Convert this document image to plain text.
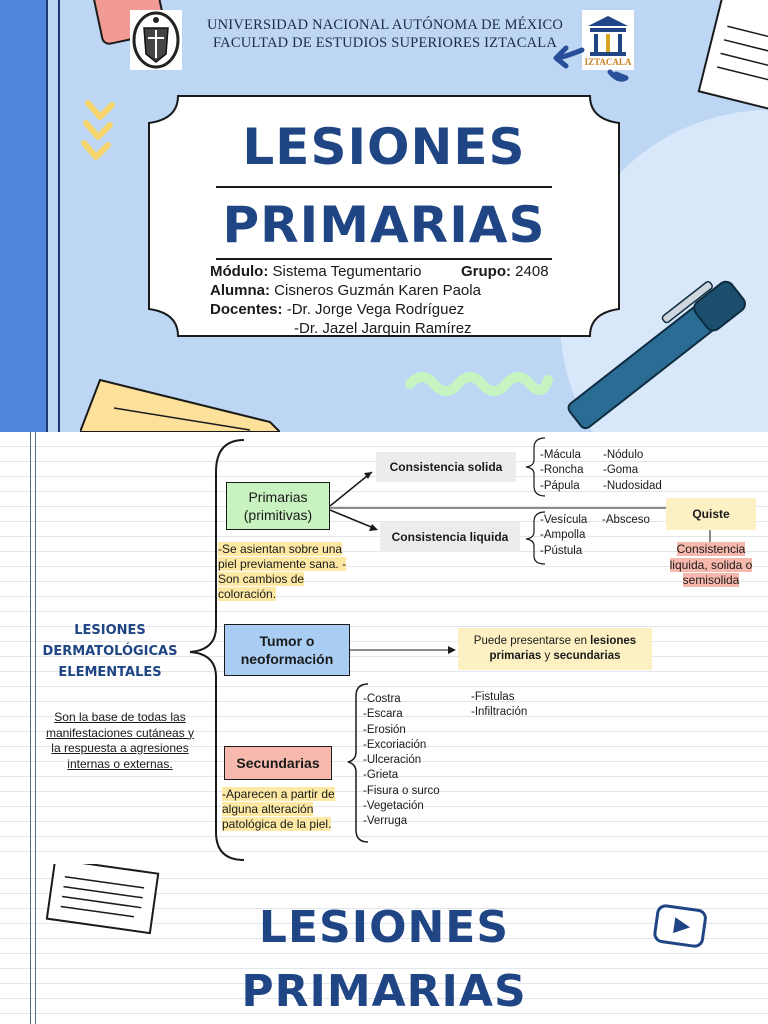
UNIVERSIDAD NACIONAL AUTÓNOMA DE MÉXICO
FACULTAD DE ESTUDIOS SUPERIORES IZTACALA
IZTACALA
LESIONES
PRIMARIAS
Módulo: Sistema Tegumentario	Grupo: 2408
Alumna: Cisneros Guzmán Karen Paola
Docentes: -Dr. Jorge Vega Rodríguez
-Dr. Jazel Jarquin Ramírez
LESIONES DERMATOLÓGICAS ELEMENTALES
Son la base de todas las manifestaciones cutáneas y la respuesta a agresiones internas o externas.
Primarias (primitivas)
-Se asientan sobre una piel previamente sana. -Son cambios de coloración.
Consistencia solida
-Mácula
-Roncha
-Pápula
-Nódulo
-Goma
-Nudosidad
Consistencia liquida
-Vesícula
-Ampolla
-Pústula
-Absceso	Quiste
Consistencia liquida, solida o semisolida
Tumor o neoformación
Puede presentarse en lesiones primarias y secundarias
Secundarias
-Aparecen a partir de alguna alteración patológica de la piel.
-Costra
-Escara
-Erosión
-Excoriación
-Ulceración
-Grieta
-Fisura o surco
-Vegetación
-Verruga
-Fistulas
-Infiltración
LESIONES
PRIMARIAS
